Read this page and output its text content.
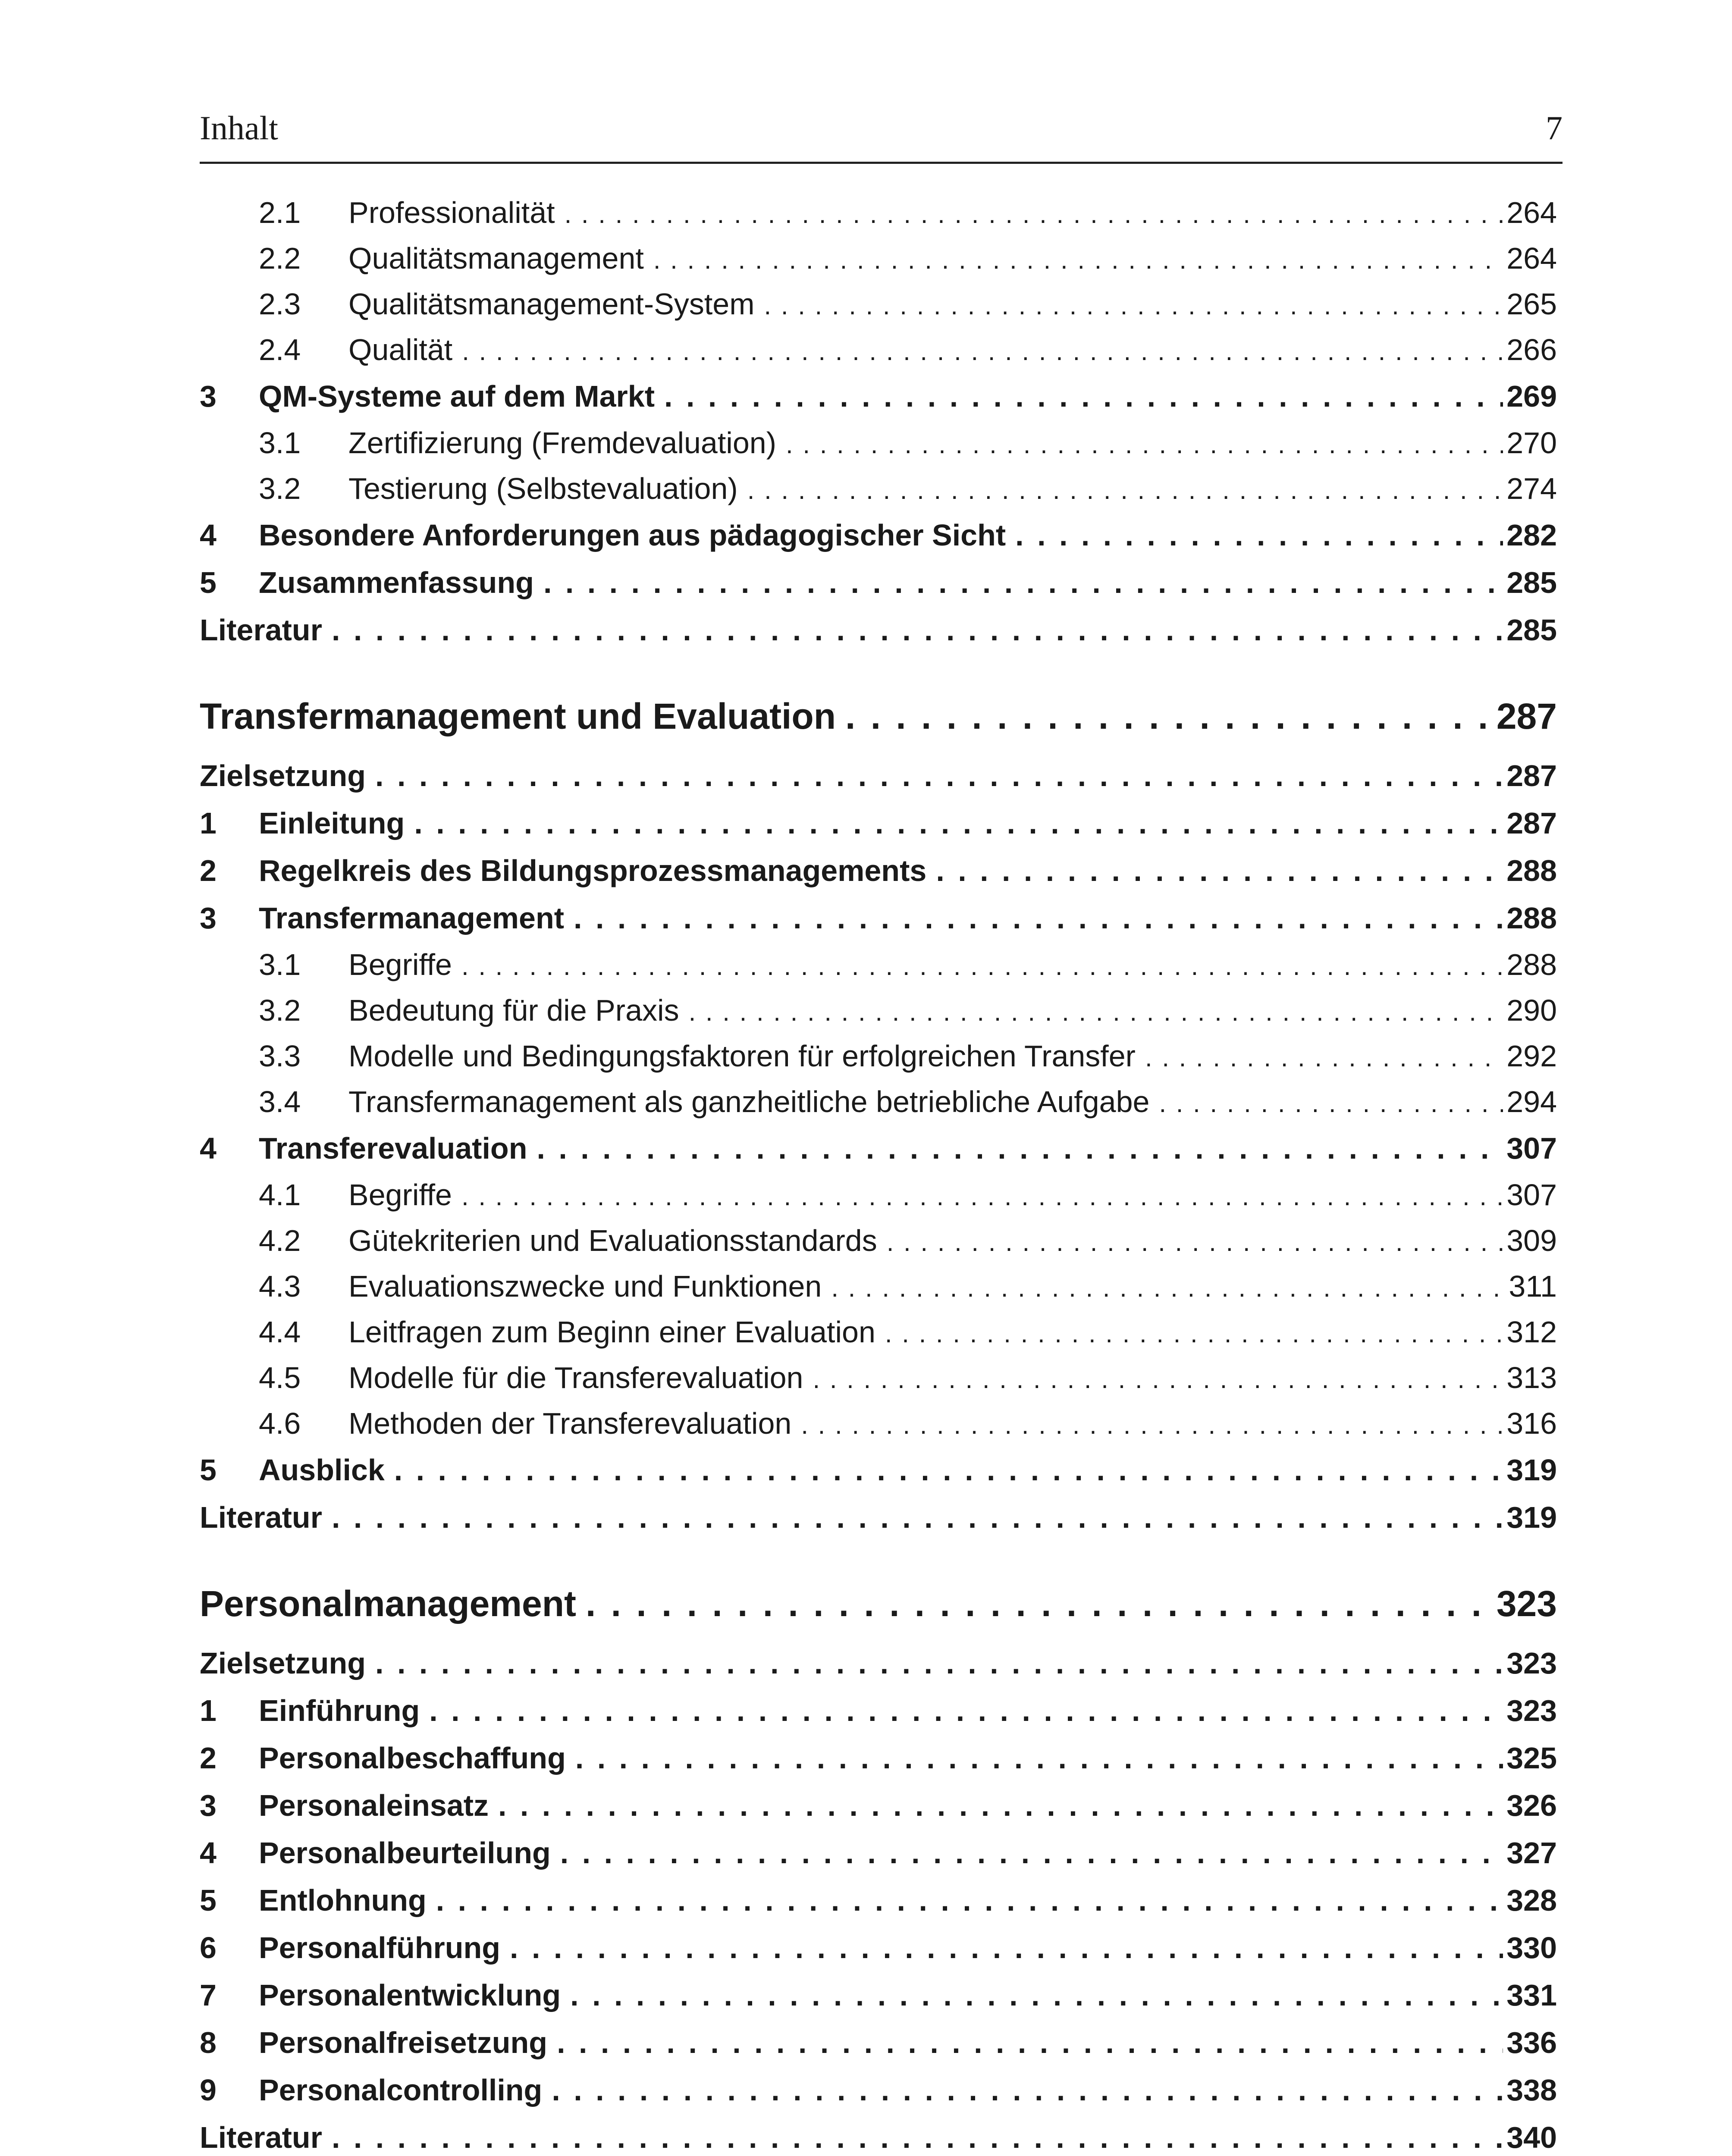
Inhalt	7
2.1	Professionalität . . .	264
2.2	Qualitätsmanagement . . .	264
2.3	Qualitätsmanagement-System . . .	265
2.4	Qualität . . .	266
3	QM-Systeme auf dem Markt . . .	269
3.1	Zertifizierung (Fremdevaluation) . . .	270
3.2	Testierung (Selbstevaluation) . . .	274
4	Besondere Anforderungen aus pädagogischer Sicht . . .	282
5	Zusammenfassung . . .	285
Literatur . . .	285
Transfermanagement und Evaluation . . .	287
Zielsetzung . . .	287
1	Einleitung . . .	287
2	Regelkreis des Bildungsprozessmanagements . . .	288
3	Transfermanagement . . .	288
3.1	Begriffe . . .	288
3.2	Bedeutung für die Praxis . . .	290
3.3	Modelle und Bedingungsfaktoren für erfolgreichen Transfer . . .	292
3.4	Transfermanagement als ganzheitliche betriebliche Aufgabe . . .	294
4	Transferevaluation . . .	307
4.1	Begriffe . . .	307
4.2	Gütekriterien und Evaluationsstandards . . .	309
4.3	Evaluationszwecke und Funktionen . . .	311
4.4	Leitfragen zum Beginn einer Evaluation . . .	312
4.5	Modelle für die Transferevaluation . . .	313
4.6	Methoden der Transferevaluation . . .	316
5	Ausblick . . .	319
Literatur . . .	319
Personalmanagement . . .	323
Zielsetzung . . .	323
1	Einführung . . .	323
2	Personalbeschaffung . . .	325
3	Personaleinsatz . . .	326
4	Personalbeurteilung . . .	327
5	Entlohnung . . .	328
6	Personalführung . . .	330
7	Personalentwicklung . . .	331
8	Personalfreisetzung . . .	336
9	Personalcontrolling . . .	338
Literatur . . .	340
